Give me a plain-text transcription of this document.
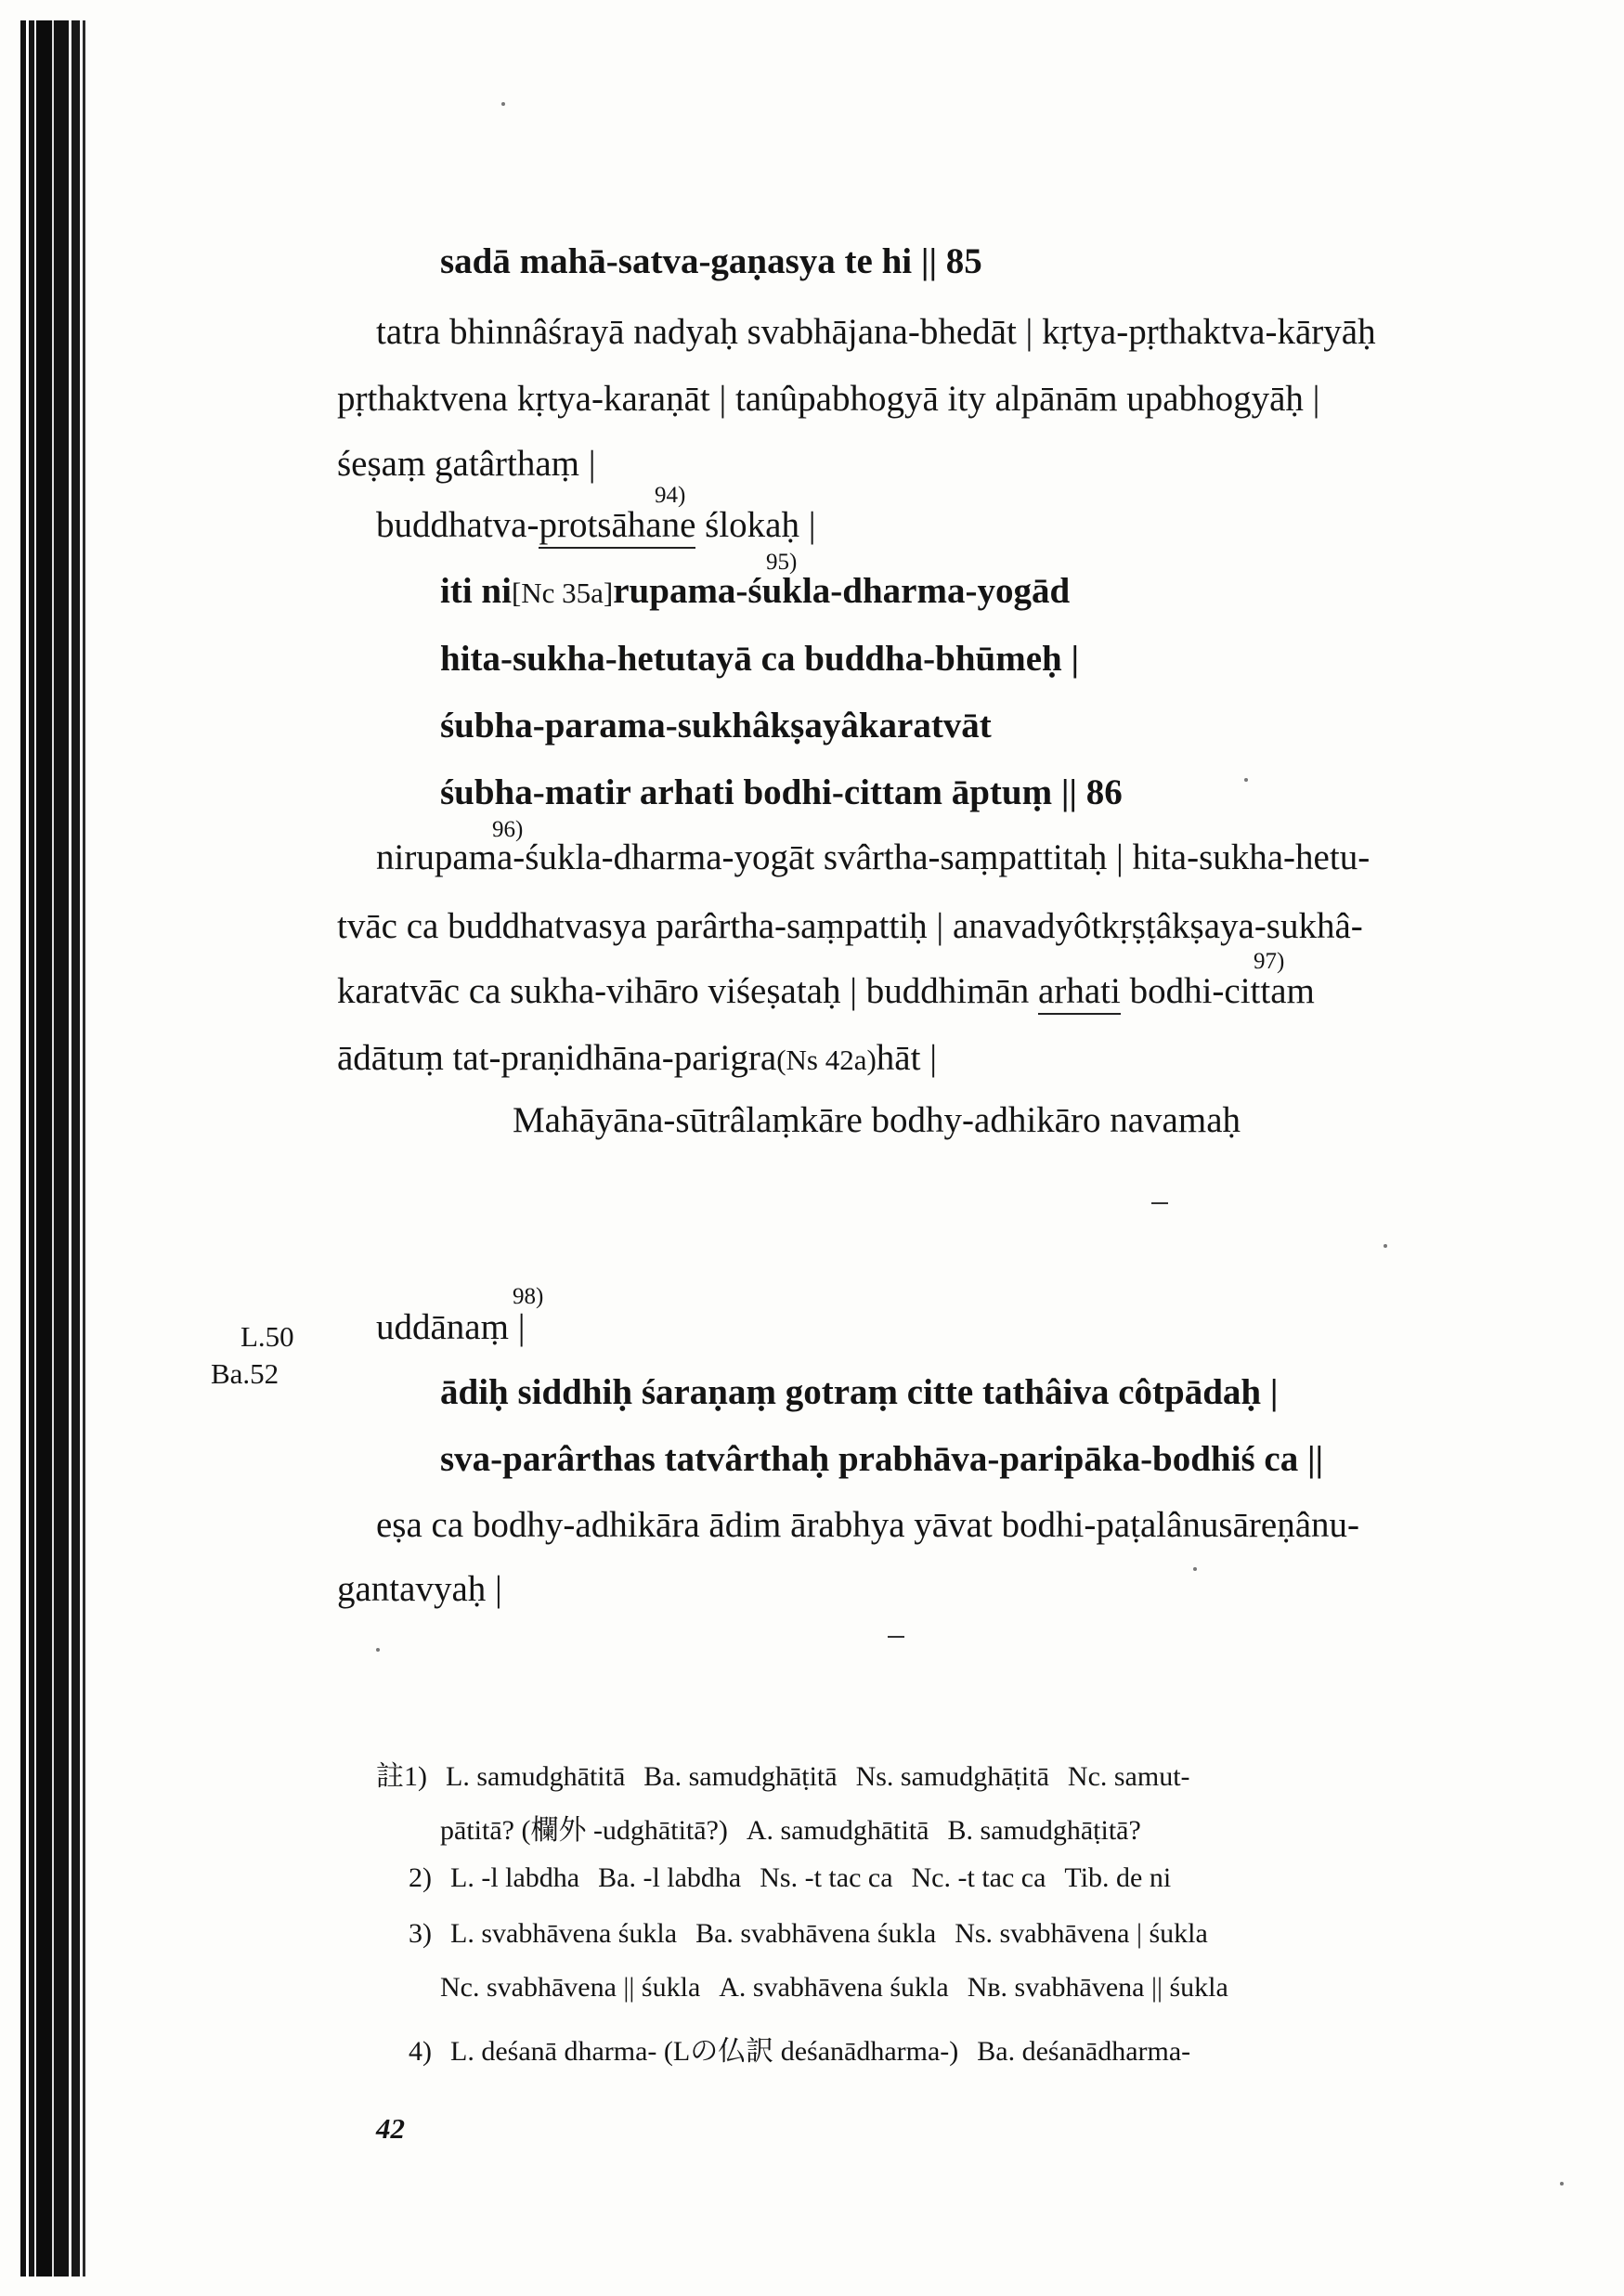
sadā mahā-satva-gaṇasya te hi || 85
tatra bhinnâśrayā nadyaḥ svabhājana-bhedāt | kṛtya-pṛthaktva-kāryāḥ
pṛthaktvena kṛtya-karaṇāt | tanûpabhogyā ity alpānām upabhogyāḥ |
śeṣaṃ gatârthaṃ |
94)
buddhatva-protsāhane ślokaḥ |
95)
iti ni[Nc 35a]rupama-śukla-dharma-yogād
hita-sukha-hetutayā ca buddha-bhūmeḥ |
śubha-parama-sukhâkṣayâkaratvāt
śubha-matir arhati bodhi-cittam āptuṃ || 86
96)
nirupama-śukla-dharma-yogāt svârtha-saṃpattitaḥ | hita-sukha-hetu-
tvāc ca buddhatvasya parârtha-saṃpattiḥ | anavadyôtkṛṣṭâkṣaya-sukhâ-
97)
karatvāc ca sukha-vihāro viśeṣataḥ | buddhimān arhati bodhi-cittam
ādātuṃ tat-praṇidhāna-parigra(Ns 42a)hāt |
Mahāyāna-sūtrâlaṃkāre bodhy-adhikāro navamaḥ
L.50
Ba.52
98)
uddānaṃ |
ādiḥ siddhiḥ śaraṇaṃ gotraṃ citte tathâiva côtpādaḥ |
sva-parârthas tatvârthaḥ prabhāva-paripāka-bodhiś ca ||
eṣa ca bodhy-adhikāra ādim ārabhya yāvat bodhi-paṭalânusāreṇânu-
gantavyaḥ |
註1) L. samudghātitā Ba. samudghāṭitā Ns. samudghāṭitā Nc. samut-
pātitā? (欄外 -udghātitā?) A. samudghātitā B. samudghāṭitā?
2) L. -l labdha Ba. -l labdha Ns. -t tac ca Nc. -t tac ca Tib. de ni
3) L. svabhāvena śukla Ba. svabhāvena śukla Ns. svabhāvena | śukla
Nc. svabhāvena || śukla A. svabhāvena śukla Nв. svabhāvena || śukla
4) L. deśanā dharma- (Lの仏訳 deśanādharma-) Ba. deśanādharma-
42
